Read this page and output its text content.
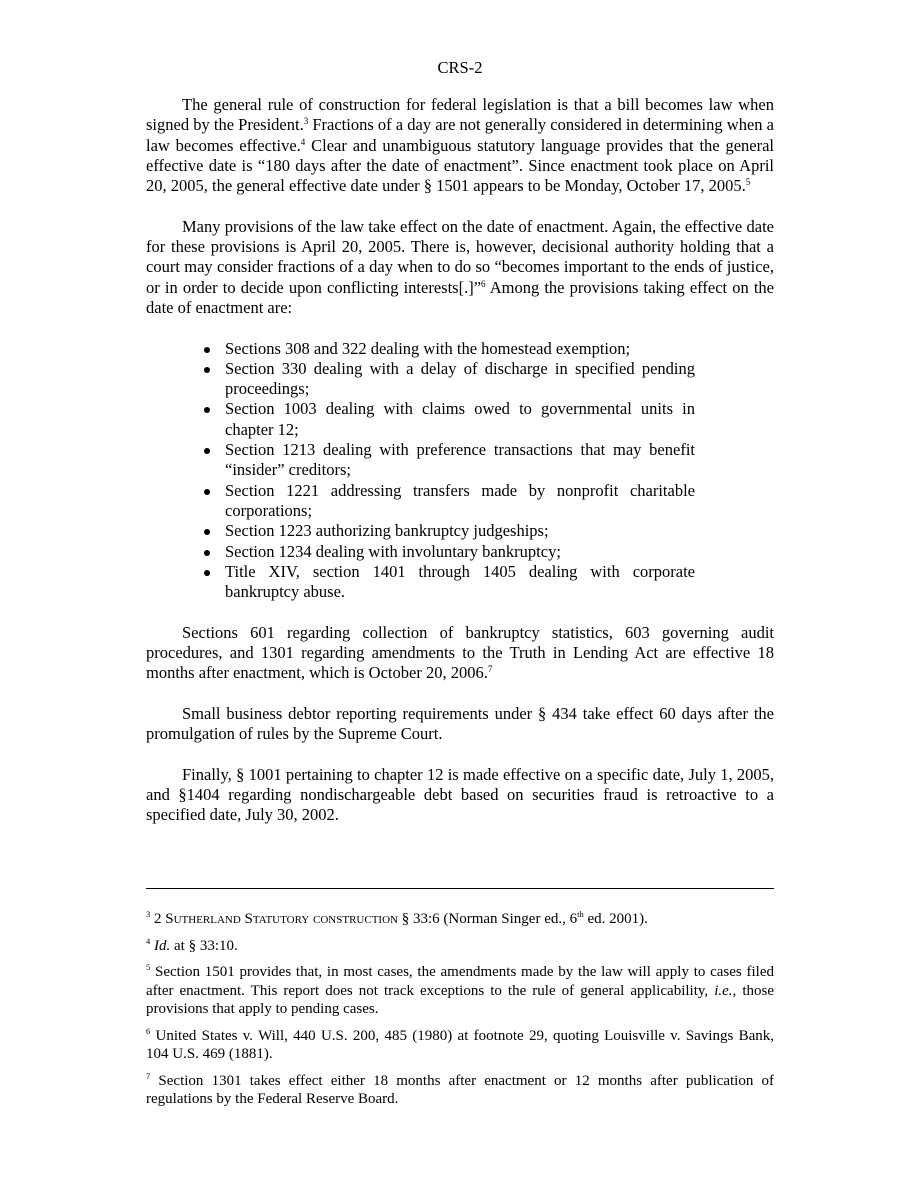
CRS-2

The general rule of construction for federal legislation is that a bill becomes law when signed by the President.$^3$ Fractions of a day are not generally considered in determining when a law becomes effective.$^4$ Clear and unambiguous statutory language provides that the general effective date is “180 days after the date of enactment”. Since enactment took place on April 20, 2005, the general effective date under § 1501 appears to be Monday, October 17, 2005.$^5$

Many provisions of the law take effect on the date of enactment. Again, the effective date for these provisions is April 20, 2005. There is, however, decisional authority holding that a court may consider fractions of a day when to do so “becomes important to the ends of justice, or in order to decide upon conflicting interests[.]”$^6$ Among the provisions taking effect on the date of enactment are:

Sections 308 and 322 dealing with the homestead exemption;
Section 330 dealing with a delay of discharge in specified pending proceedings;
Section 1003 dealing with claims owed to governmental units in chapter 12;
Section 1213 dealing with preference transactions that may benefit “insider” creditors;
Section 1221 addressing transfers made by nonprofit charitable corporations;
Section 1223 authorizing bankruptcy judgeships;
Section 1234 dealing with involuntary bankruptcy;
Title XIV, section 1401 through 1405 dealing with corporate bankruptcy abuse.

Sections 601 regarding collection of bankruptcy statistics, 603 governing audit procedures, and 1301 regarding amendments to the Truth in Lending Act are effective 18 months after enactment, which is October 20, 2006.$^7$

Small business debtor reporting requirements under § 434 take effect 60 days after the promulgation of rules by the Supreme Court.

Finally, § 1001 pertaining to chapter 12 is made effective on a specific date, July 1, 2005, and §1404 regarding nondischargeable debt based on securities fraud is retroactive to a specified date, July 30, 2002.

$^3$ 2 Sutherland Statutory construction § 33:6 (Norman Singer ed., 6th ed. 2001).

$^4$ Id. at § 33:10.

$^5$ Section 1501 provides that, in most cases, the amendments made by the law will apply to cases filed after enactment. This report does not track exceptions to the rule of general applicability, i.e., those provisions that apply to pending cases.

$^6$ United States v. Will, 440 U.S. 200, 485 (1980) at footnote 29, quoting Louisville v. Savings Bank, 104 U.S. 469 (1881).

$^7$ Section 1301 takes effect either 18 months after enactment or 12 months after publication of regulations by the Federal Reserve Board.
